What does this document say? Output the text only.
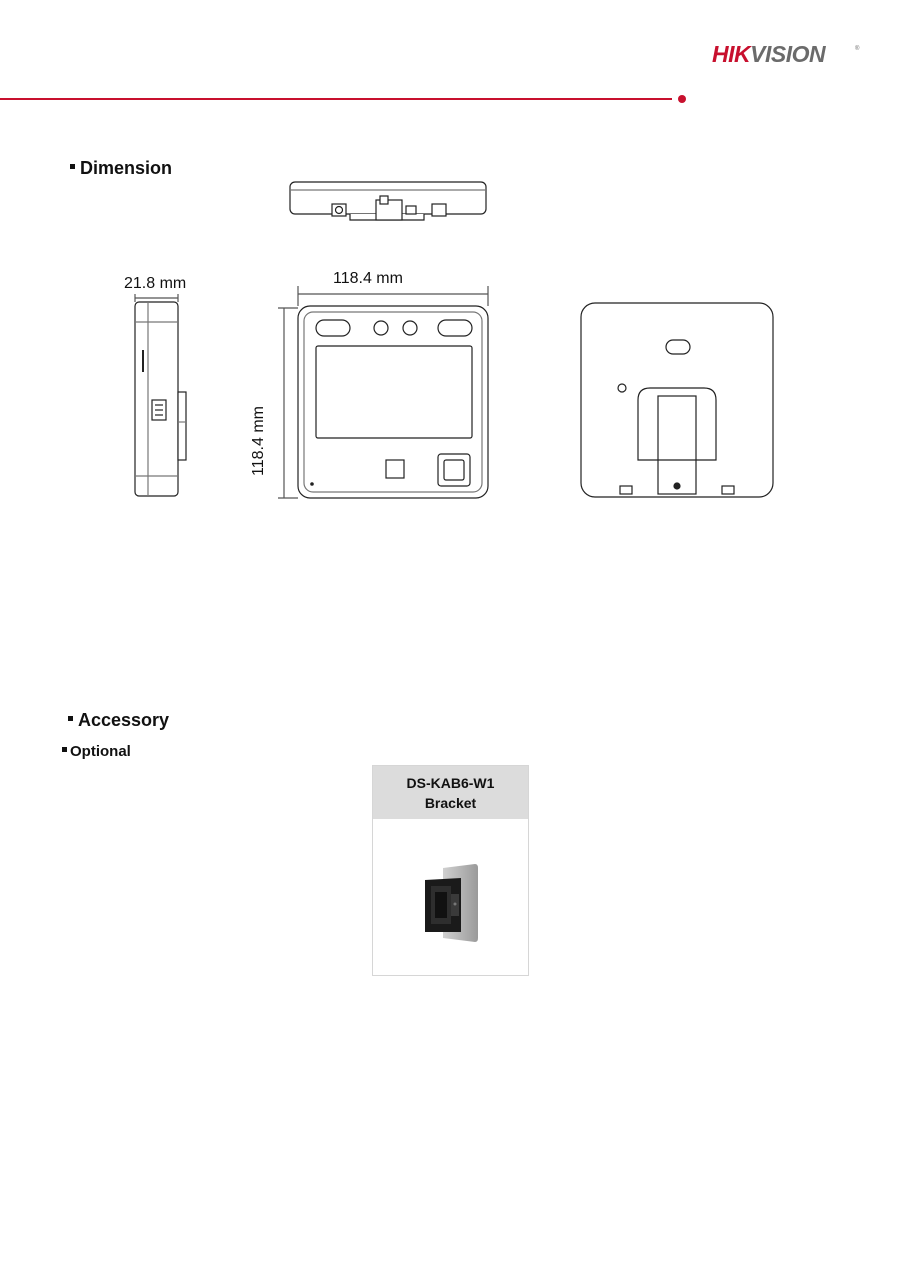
HIKVISION	®
Dimension
21.8 mm	118.4 mm
118.4 mm
Accessory
Optional
DS-KAB6-W1
Bracket
